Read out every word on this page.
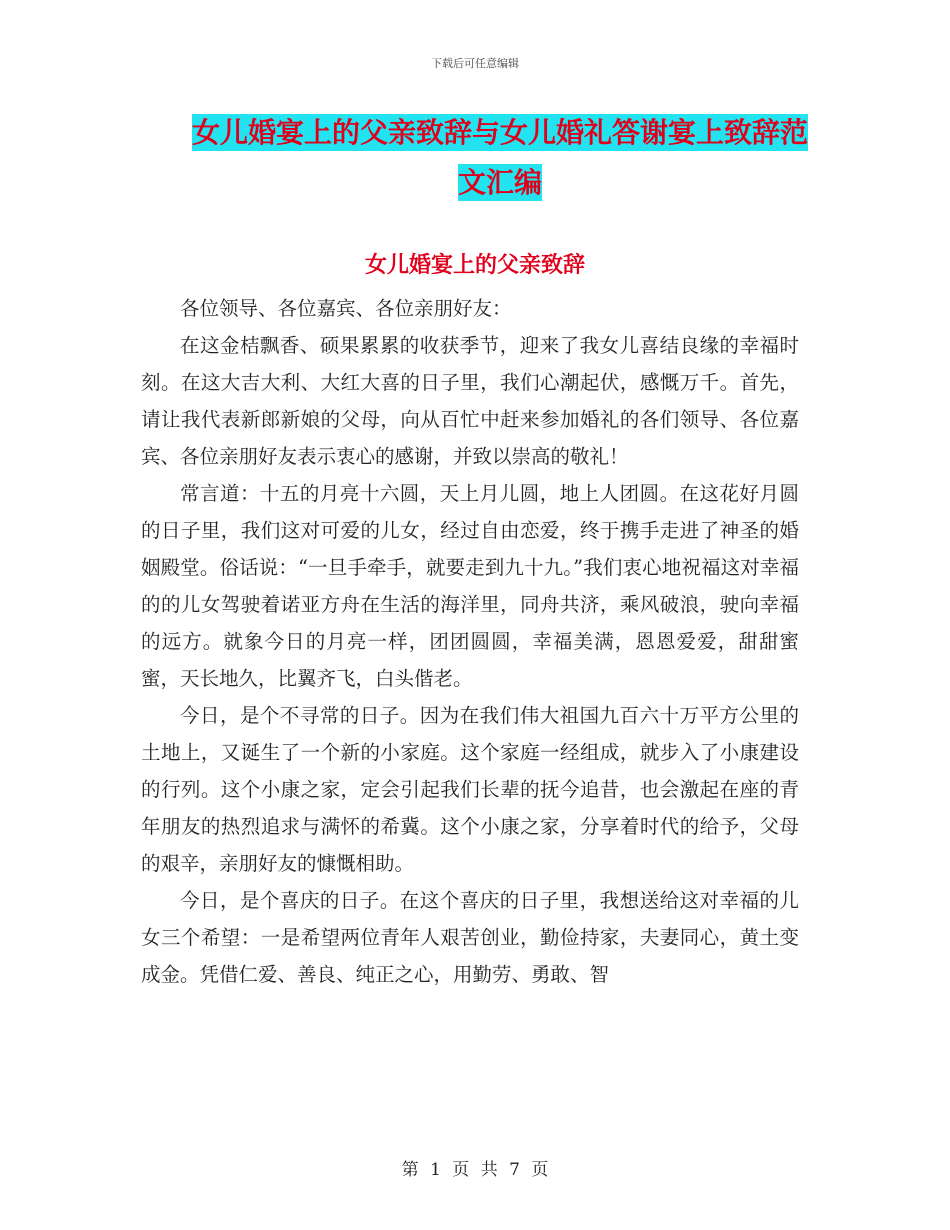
下载后可任意编辑
女儿婚宴上的父亲致辞与女儿婚礼答谢宴上致辞范文汇编
女儿婚宴上的父亲致辞

各位领导、各位嘉宾、各位亲朋好友：

在这金桔飘香、硕果累累的收获季节，迎来了我女儿喜结良缘的幸福时刻。在这大吉大利、大红大喜的日子里，我们心潮起伏，感慨万千。首先，请让我代表新郎新娘的父母，向从百忙中赶来参加婚礼的各们领导、各位嘉宾、各位亲朋好友表示衷心的感谢，并致以崇高的敬礼！

常言道：十五的月亮十六圆，天上月儿圆，地上人团圆。在这花好月圆的日子里，我们这对可爱的儿女，经过自由恋爱，终于携手走进了神圣的婚姻殿堂。俗话说：“一旦手牵手，就要走到九十九。”我们衷心地祝福这对幸福的的儿女驾驶着诺亚方舟在生活的海洋里，同舟共济，乘风破浪，驶向幸福的远方。就象今日的月亮一样，团团圆圆，幸福美满，恩恩爱爱，甜甜蜜蜜，天长地久，比翼齐飞，白头偕老。

今日，是个不寻常的日子。因为在我们伟大祖国九百六十万平方公里的土地上，又诞生了一个新的小家庭。这个家庭一经组成，就步入了小康建设的行列。这个小康之家，定会引起我们长辈的抚今追昔，也会激起在座的青年朋友的热烈追求与满怀的希冀。这个小康之家，分享着时代的给予，父母的艰辛，亲朋好友的慷慨相助。

今日，是个喜庆的日子。在这个喜庆的日子里，我想送给这对幸福的儿女三个希望：一是希望两位青年人艰苦创业，勤俭持家，夫妻同心，黄土变成金。凭借仁爱、善良、纯正之心，用勤劳、勇敢、智

第 1 页 共 7 页
